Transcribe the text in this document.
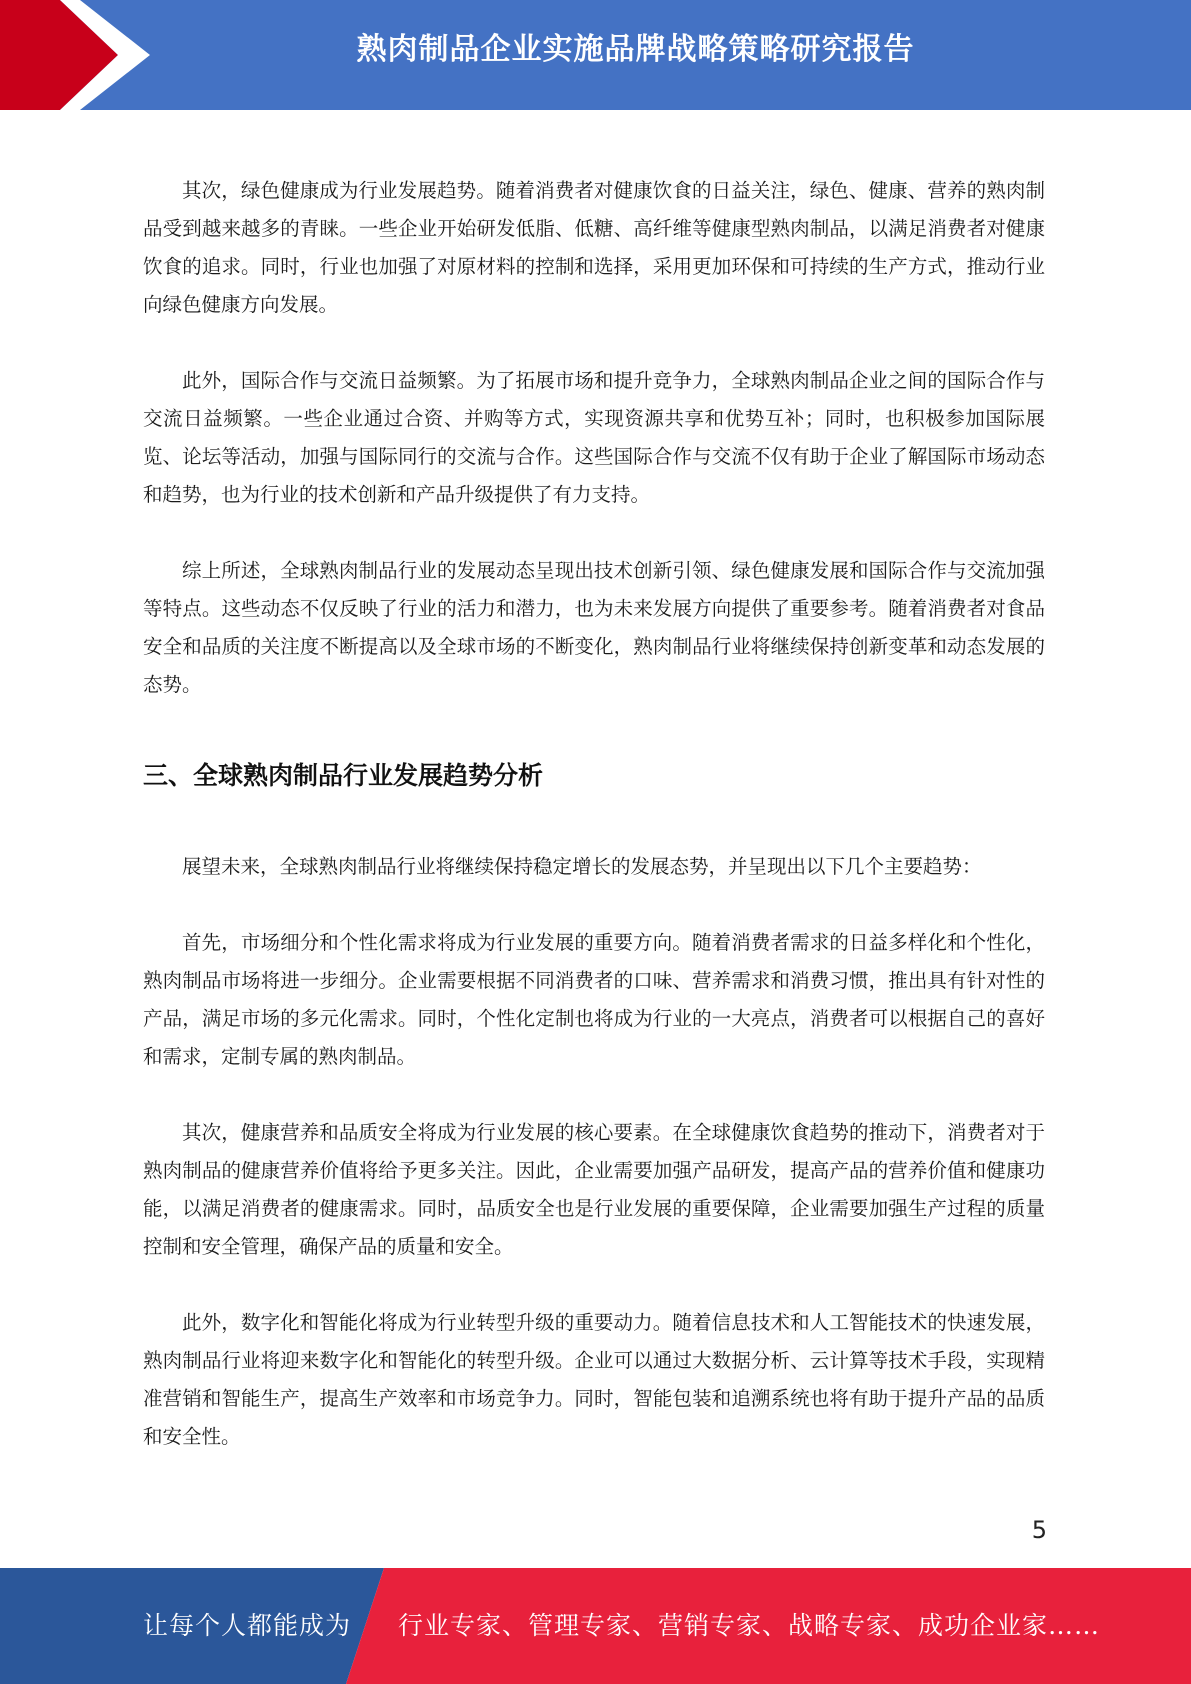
熟肉制品企业实施品牌战略策略研究报告

其次，绿色健康成为行业发展趋势。随着消费者对健康饮食的日益关注，绿色、健康、营养的熟肉制品受到越来越多的青睐。一些企业开始研发低脂、低糖、高纤维等健康型熟肉制品，以满足消费者对健康饮食的追求。同时，行业也加强了对原材料的控制和选择，采用更加环保和可持续的生产方式，推动行业向绿色健康方向发展。

此外，国际合作与交流日益频繁。为了拓展市场和提升竞争力，全球熟肉制品企业之间的国际合作与交流日益频繁。一些企业通过合资、并购等方式，实现资源共享和优势互补；同时，也积极参加国际展览、论坛等活动，加强与国际同行的交流与合作。这些国际合作与交流不仅有助于企业了解国际市场动态和趋势，也为行业的技术创新和产品升级提供了有力支持。

综上所述，全球熟肉制品行业的发展动态呈现出技术创新引领、绿色健康发展和国际合作与交流加强等特点。这些动态不仅反映了行业的活力和潜力，也为未来发展方向提供了重要参考。随着消费者对食品安全和品质的关注度不断提高以及全球市场的不断变化，熟肉制品行业将继续保持创新变革和动态发展的态势。

三、全球熟肉制品行业发展趋势分析

展望未来，全球熟肉制品行业将继续保持稳定增长的发展态势，并呈现出以下几个主要趋势：

首先，市场细分和个性化需求将成为行业发展的重要方向。随着消费者需求的日益多样化和个性化，熟肉制品市场将进一步细分。企业需要根据不同消费者的口味、营养需求和消费习惯，推出具有针对性的产品，满足市场的多元化需求。同时，个性化定制也将成为行业的一大亮点，消费者可以根据自己的喜好和需求，定制专属的熟肉制品。

其次，健康营养和品质安全将成为行业发展的核心要素。在全球健康饮食趋势的推动下，消费者对于熟肉制品的健康营养价值将给予更多关注。因此，企业需要加强产品研发，提高产品的营养价值和健康功能，以满足消费者的健康需求。同时，品质安全也是行业发展的重要保障，企业需要加强生产过程的质量控制和安全管理，确保产品的质量和安全。

此外，数字化和智能化将成为行业转型升级的重要动力。随着信息技术和人工智能技术的快速发展，熟肉制品行业将迎来数字化和智能化的转型升级。企业可以通过大数据分析、云计算等技术手段，实现精准营销和智能生产，提高生产效率和市场竞争力。同时，智能包装和追溯系统也将有助于提升产品的品质和安全性。

5
让每个人都能成为 行业专家、管理专家、营销专家、战略专家、成功企业家……
